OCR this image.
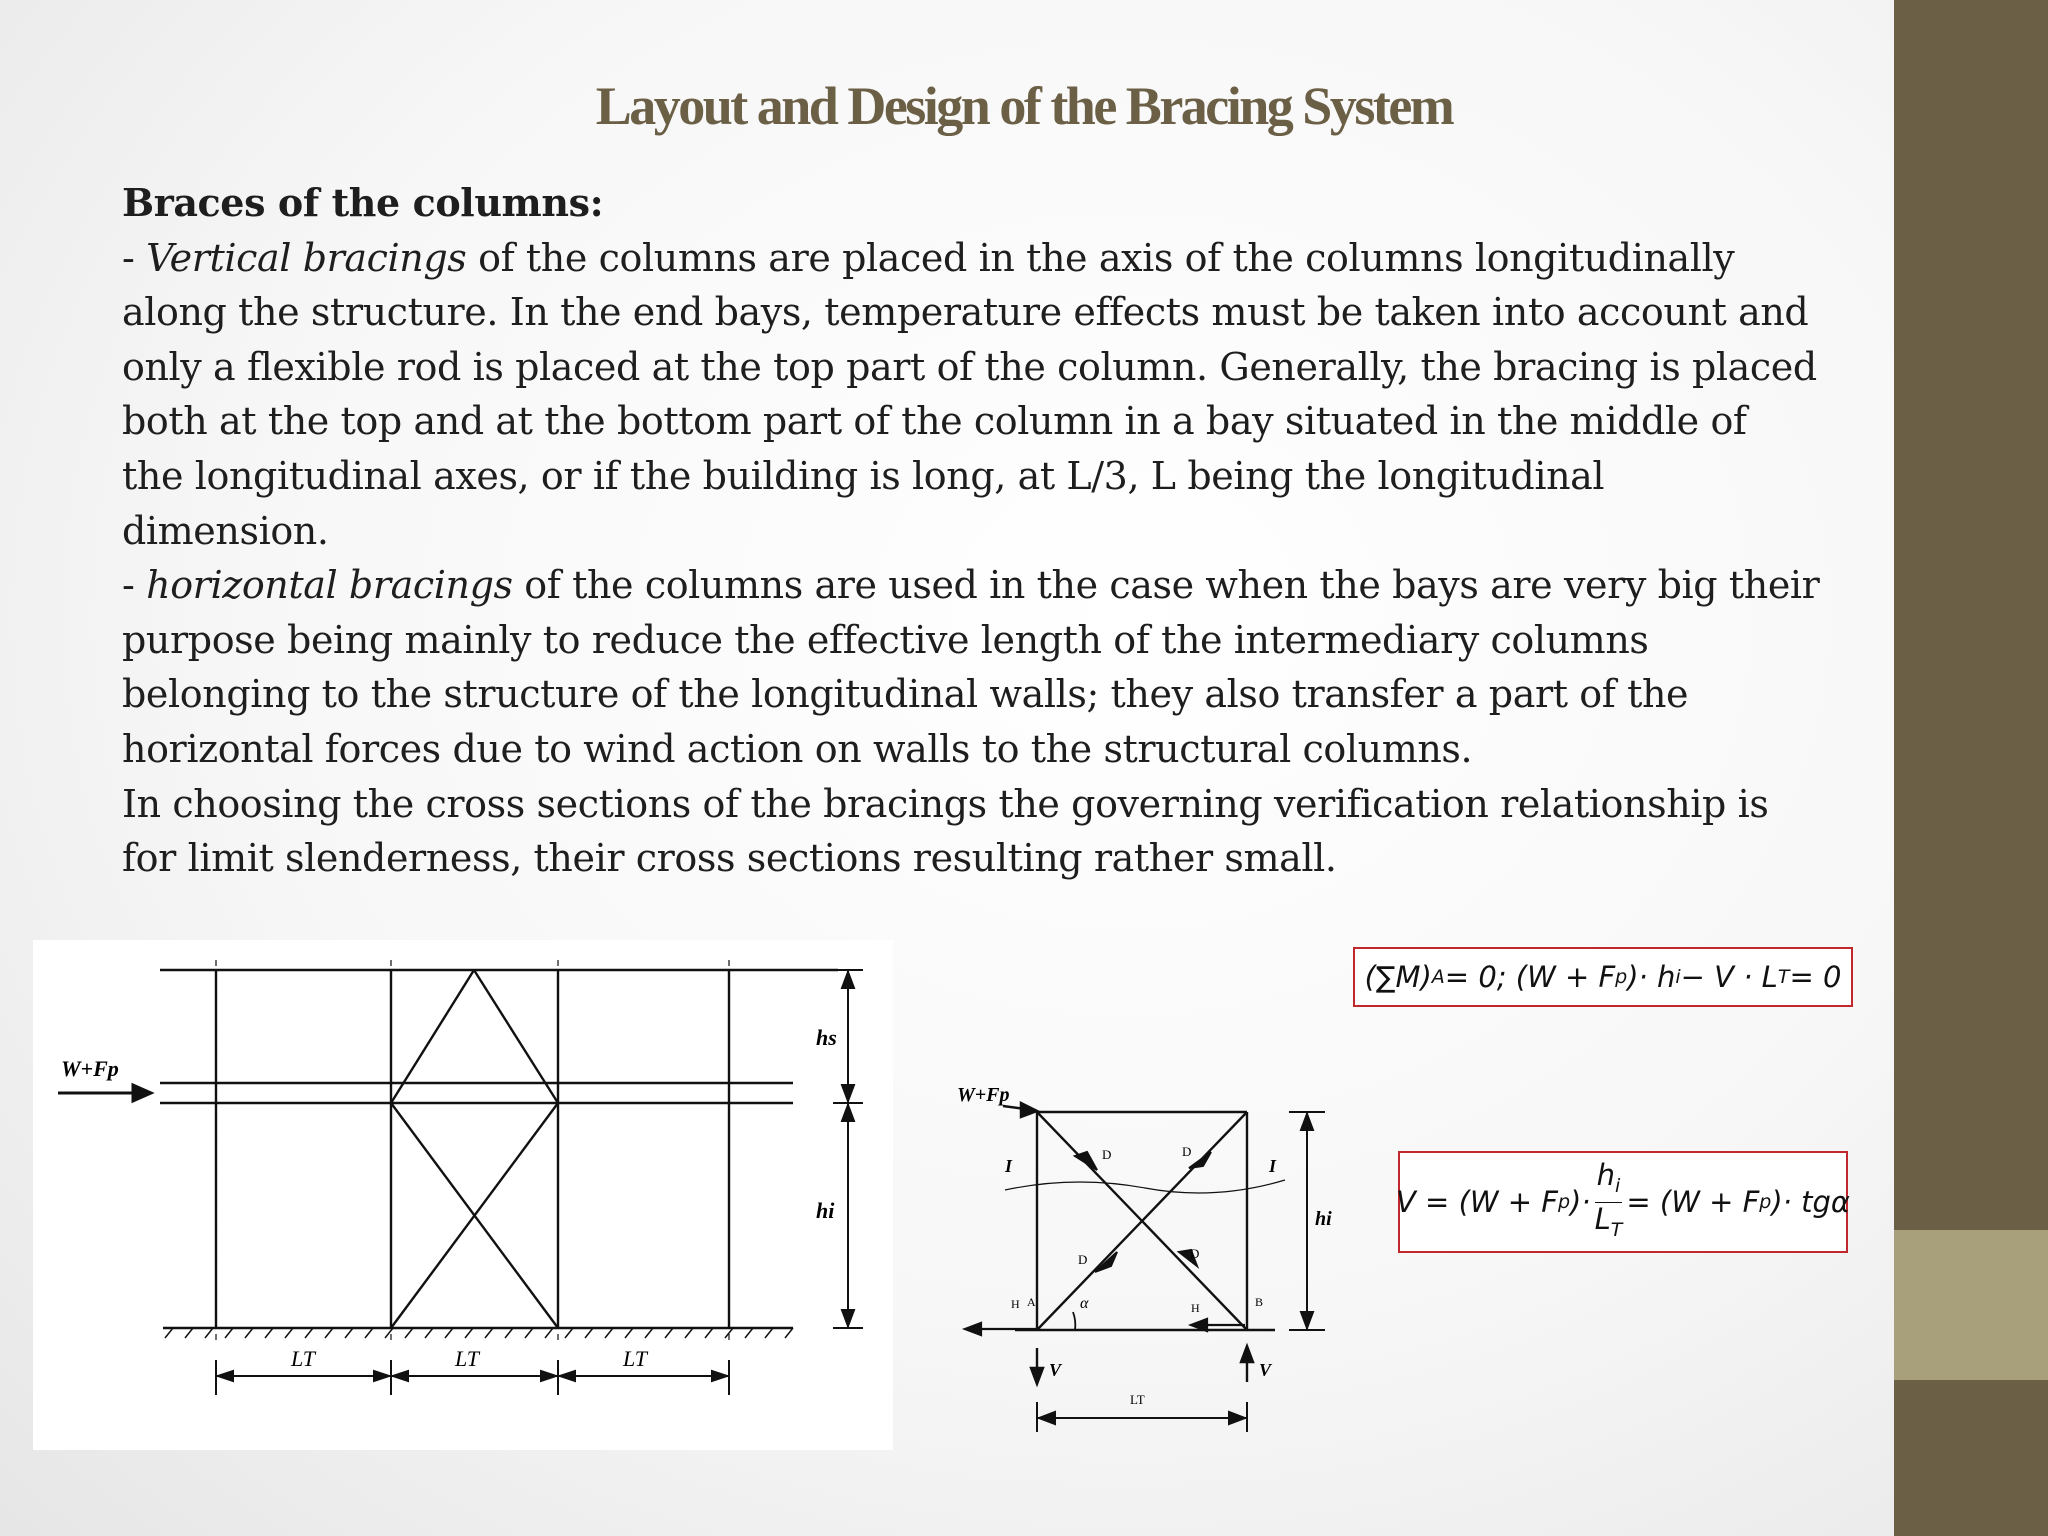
Layout and Design of the Bracing System
Braces of the columns:
- Vertical bracings of the columns are placed in the axis of the columns longitudinally
along the structure. In the end bays, temperature effects must be taken into account and
only a flexible rod is placed at the top part of the column. Generally, the bracing is placed
both at the top and at the bottom part of the column in a bay situated in the middle of
the longitudinal axes, or if the building is long, at L/3, L being the longitudinal
dimension.
- horizontal bracings of the columns are used in the case when the bays are very big their
purpose being mainly to reduce the effective length of the intermediary columns
belonging to the structure of the longitudinal walls; they also transfer a part of the
horizontal forces due to wind action on walls to the structural columns.
In choosing the cross sections of the bracings the governing verification relationship is
for limit slenderness, their cross sections resulting rather small.
W+Fp
hs
hi
LT	LT	LT
W+Fp
I	I
D	D
D	D
H A	H	B
α
V	V
hi
LT
(∑M) A = 0; (W + F p )· h i − V · L T = 0
V = (W + F p )· $\frac{h_i}{L_T} = (W + F$ p )· tgα
